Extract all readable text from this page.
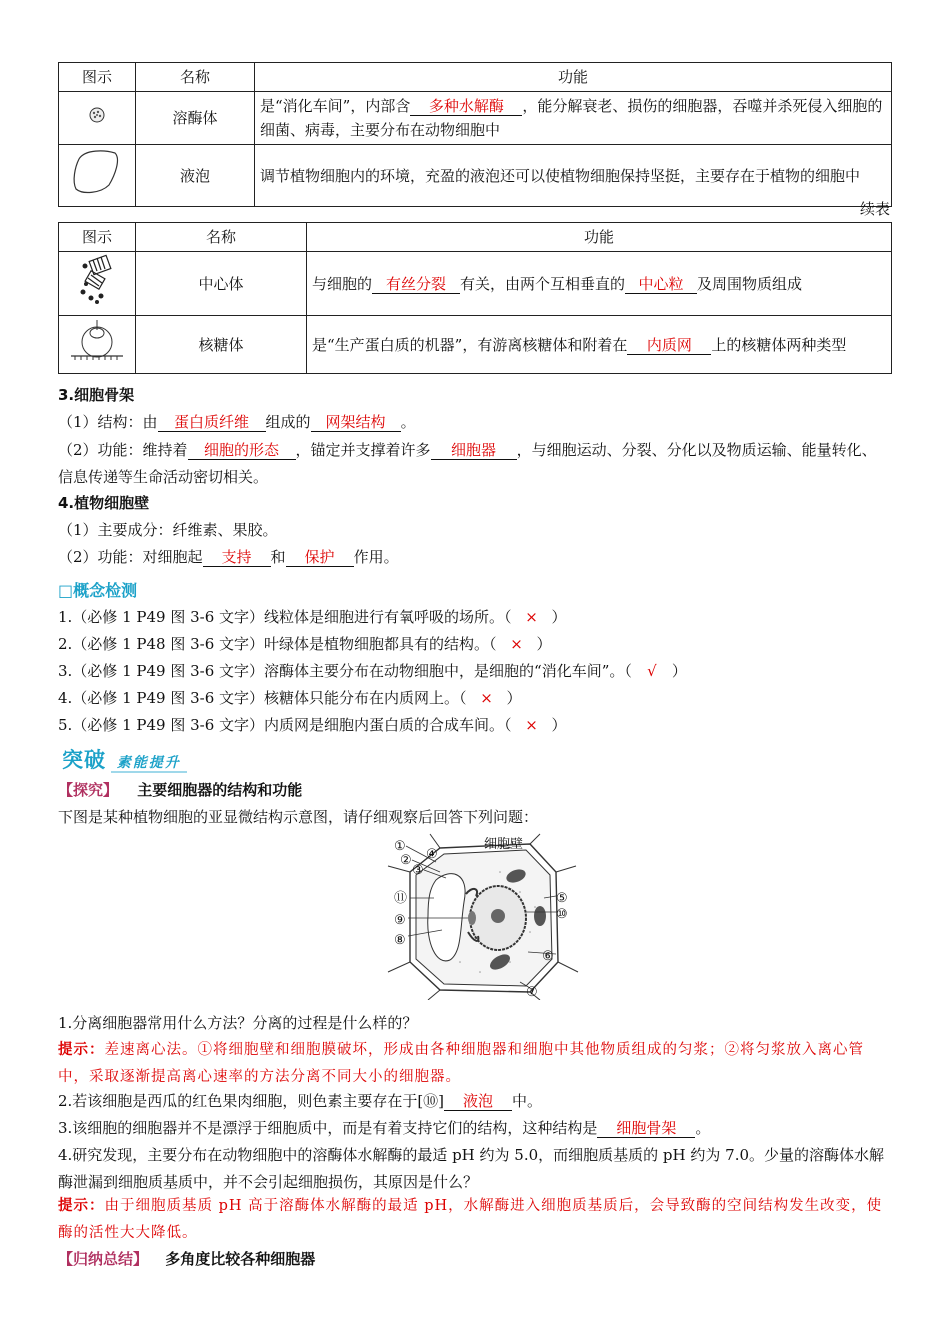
图示	名称	功能
	溶酶体	是“消化车间”，内部含 多种水解酶 ，能分解衰老、损伤的细胞器，吞噬并杀死侵入细胞的细菌、病毒，主要分布在动物细胞中
	液泡	调节植物细胞内的环境，充盈的液泡还可以使植物细胞保持坚挺，主要存在于植物的细胞中
续表
图示	名称	功能
	中心体	与细胞的 有丝分裂 有关，由两个互相垂直的 中心粒 及周围物质组成
	核糖体	是“生产蛋白质的机器”，有游离核糖体和附着在 内质网 上的核糖体两种类型
3.细胞骨架
（1）结构：由 蛋白质纤维 组成的 网架结构 。
（2）功能：维持着 细胞的形态 ，锚定并支撑着许多 细胞器 ，与细胞运动、分裂、分化以及物质运输、能量转化、信息传递等生命活动密切相关。
4.植物细胞壁
（1）主要成分：纤维素、果胶。
（2）功能：对细胞起 支持 和 保护 作用。
□概念检测
1.（必修 1 P49 图 3-6 文字）线粒体是细胞进行有氧呼吸的场所。（ × ）
2.（必修 1 P48 图 3-6 文字）叶绿体是植物细胞都具有的结构。（ × ）
3.（必修 1 P49 图 3-6 文字）溶酶体主要分布在动物细胞中，是细胞的“消化车间”。（ √ ）
4.（必修 1 P49 图 3-6 文字）核糖体只能分布在内质网上。（ × ）
5.（必修 1 P49 图 3-6 文字）内质网是细胞内蛋白质的合成车间。（ × ）
突破 素能提升
【探究】 主要细胞器的结构和功能
下图是某种植物细胞的亚显微结构示意图，请仔细观察后回答下列问题：
①
②
③
④
⑤
⑥
⑦
⑧
⑨	⑩
⑪
细胞壁
1.分离细胞器常用什么方法？分离的过程是什么样的？
提示：差速离心法。①将细胞壁和细胞膜破坏，形成由各种细胞器和细胞中其他物质组成的匀浆；②将匀浆放入离心管中，采取逐渐提高离心速率的方法分离不同大小的细胞器。
2.若该细胞是西瓜的红色果肉细胞，则色素主要存在于[⑩] 液泡 中。
3.该细胞的细胞器并不是漂浮于细胞质中，而是有着支持它们的结构，这种结构是 细胞骨架 。
4.研究发现，主要分布在动物细胞中的溶酶体水解酶的最适 pH 约为 5.0，而细胞质基质的 pH 约为 7.0。少量的溶酶体水解酶泄漏到细胞质基质中，并不会引起细胞损伤，其原因是什么？
提示：由于细胞质基质 pH 高于溶酶体水解酶的最适 pH，水解酶进入细胞质基质后，会导致酶的空间结构发生改变，使酶的活性大大降低。
【归纳总结】 多角度比较各种细胞器
